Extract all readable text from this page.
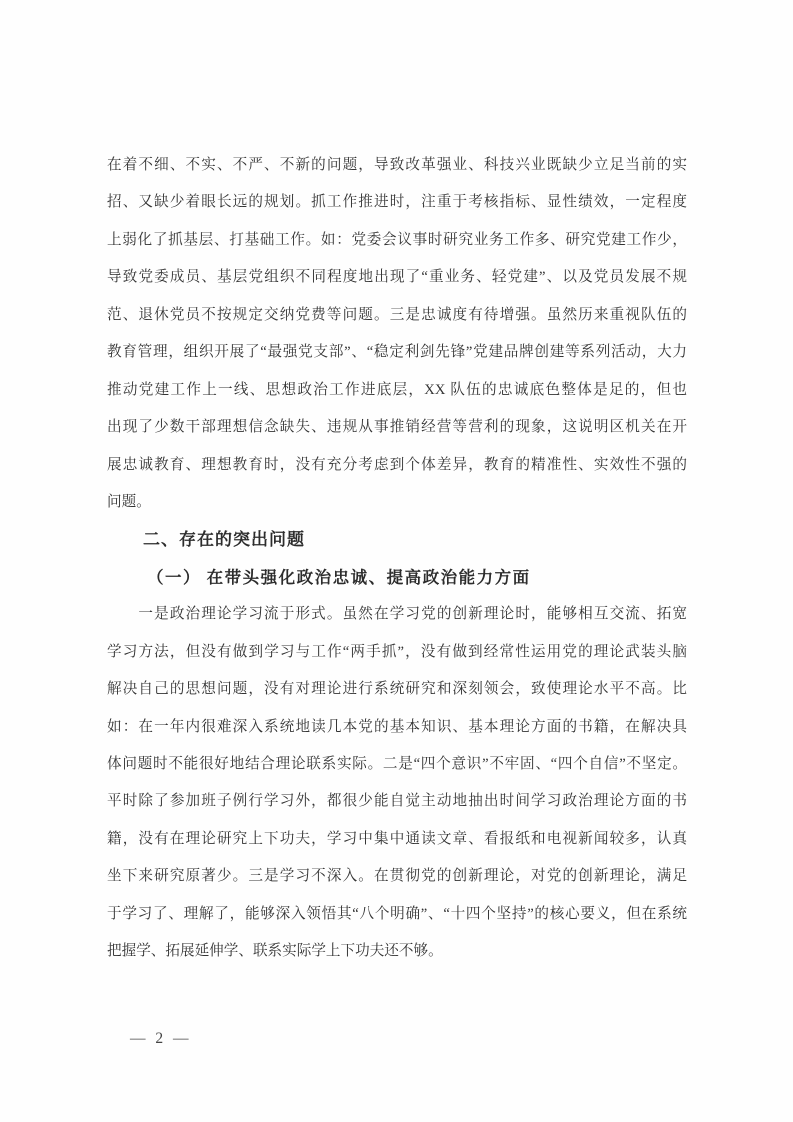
在着不细、不实、不严、不新的问题，导致改革强业、科技兴业既缺少立足当前的实
招、又缺少着眼长远的规划。抓工作推进时，注重于考核指标、显性绩效，一定程度
上弱化了抓基层、打基础工作。如：党委会议事时研究业务工作多、研究党建工作少，
导致党委成员、基层党组织不同程度地出现了“重业务、轻党建”、以及党员发展不规
范、退休党员不按规定交纳党费等问题。三是忠诚度有待增强。虽然历来重视队伍的
教育管理，组织开展了“最强党支部”、“稳定利剑先锋”党建品牌创建等系列活动，大力
推动党建工作上一线、思想政治工作进底层，XX 队伍的忠诚底色整体是足的，但也
出现了少数干部理想信念缺失、违规从事推销经营等营利的现象，这说明区机关在开
展忠诚教育、理想教育时，没有充分考虑到个体差异，教育的精准性、实效性不强的
问题。
二、存在的突出问题
（一） 在带头强化政治忠诚、提高政治能力方面
　　一是政治理论学习流于形式。虽然在学习党的创新理论时，能够相互交流、拓宽
学习方法，但没有做到学习与工作“两手抓”，没有做到经常性运用党的理论武装头脑
解决自己的思想问题，没有对理论进行系统研究和深刻领会，致使理论水平不高。比
如：在一年内很难深入系统地读几本党的基本知识、基本理论方面的书籍，在解决具
体问题时不能很好地结合理论联系实际。二是“四个意识”不牢固、“四个自信”不坚定。
平时除了参加班子例行学习外，都很少能自觉主动地抽出时间学习政治理论方面的书
籍，没有在理论研究上下功夫，学习中集中通读文章、看报纸和电视新闻较多，认真
坐下来研究原著少。三是学习不深入。在贯彻党的创新理论，对党的创新理论，满足
于学习了、理解了，能够深入领悟其“八个明确”、“十四个坚持”的核心要义，但在系统
把握学、拓展延伸学、联系实际学上下功夫还不够。
— 2 —
